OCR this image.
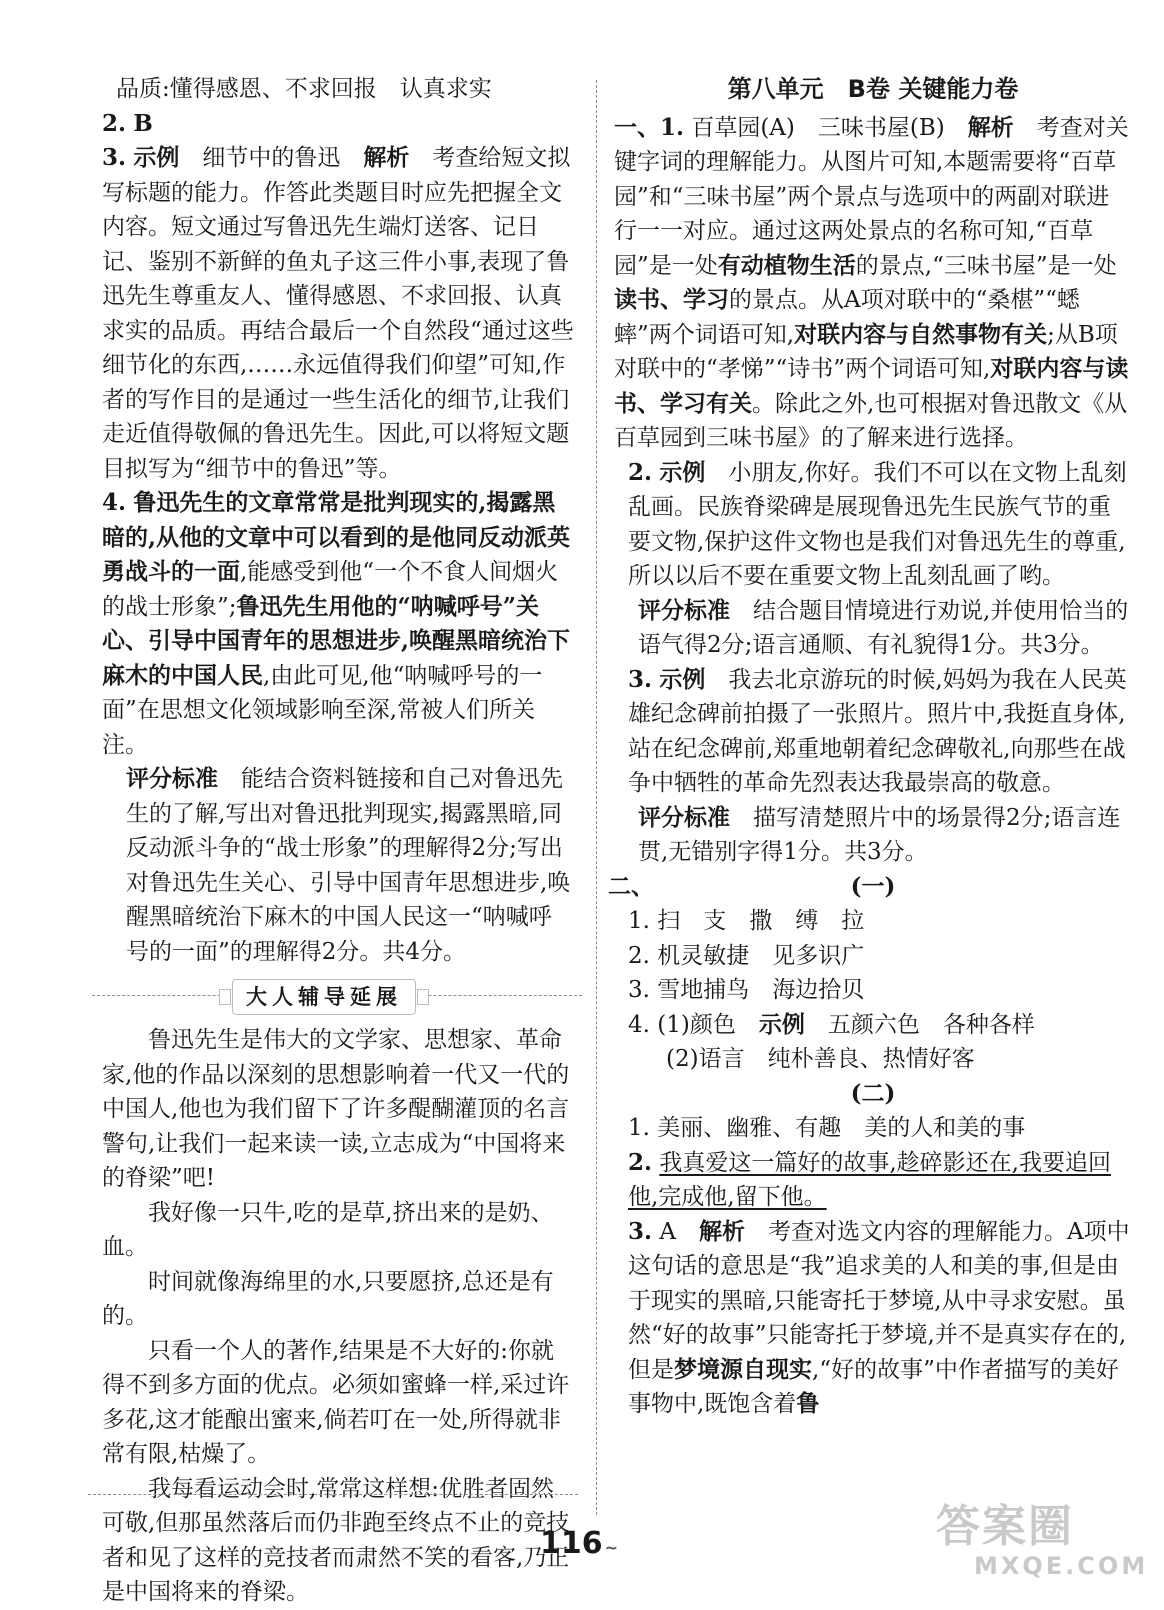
品质:懂得感恩、不求回报　认真求实

2. B

3. 示例　 细节中的鲁迅　 解析　 考查给短文拟写标题的能力。作答此类题目时应先把握全文内容。短文通过写鲁迅先生端灯送客、记日记、鉴别不新鲜的鱼丸子这三件小事,表现了鲁迅先生尊重友人、懂得感恩、不求回报、认真求实的品质。再结合最后一个自然段“通过这些细节化的东西,……永远值得我们仰望”可知,作者的写作目的是通过一些生活化的细节,让我们走近值得敬佩的鲁迅先生。因此,可以将短文题目拟写为“细节中的鲁迅”等。

4. 鲁迅先生的文章常常是批判现实的,揭露黑暗的,从他的文章中可以看到的是他同反动派英勇战斗的一面,能感受到他“一个不食人间烟火的战士形象”;鲁迅先生用他的“呐喊呼号”关心、引导中国青年的思想进步,唤醒黑暗统治下麻木的中国人民,由此可见,他“呐喊呼号的一面”在思想文化领域影响至深,常被人们所关注。

评分标准　 能结合资料链接和自己对鲁迅先生的了解,写出对鲁迅批判现实,揭露黑暗,同反动派斗争的“战士形象”的理解得2分;写出对鲁迅先生关心、引导中国青年思想进步,唤醒黑暗统治下麻木的中国人民这一“呐喊呼号的一面”的理解得2分。共4分。

大人辅导延展

鲁迅先生是伟大的文学家、思想家、革命家,他的作品以深刻的思想影响着一代又一代的中国人,他也为我们留下了许多醍醐灌顶的名言警句,让我们一起来读一读,立志成为“中国将来的脊梁”吧!

我好像一只牛,吃的是草,挤出来的是奶、血。

时间就像海绵里的水,只要愿挤,总还是有的。

只看一个人的著作,结果是不大好的:你就得不到多方面的优点。必须如蜜蜂一样,采过许多花,这才能酿出蜜来,倘若叮在一处,所得就非常有限,枯燥了。

我每看运动会时,常常这样想:优胜者固然可敬,但那虽然落后而仍非跑至终点不止的竞技者和见了这样的竞技者而肃然不笑的看客,乃正是中国将来的脊梁。

第八单元　B卷 关键能力卷

一、1. 百草园(A)　三味书屋(B)　 解析　 考查对关键字词的理解能力。从图片可知,本题需要将“百草园”和“三味书屋”两个景点与选项中的两副对联进行一一对应。通过这两处景点的名称可知,“百草园”是一处有动植物生活的景点,“三味书屋”是一处读书、学习的景点。从A项对联中的“桑椹”“蟋蟀”两个词语可知,对联内容与自然事物有关;从B项对联中的“孝悌”“诗书”两个词语可知,对联内容与读书、学习有关。除此之外,也可根据对鲁迅散文《从百草园到三味书屋》的了解来进行选择。

2. 示例　 小朋友,你好。我们不可以在文物上乱刻乱画。民族脊梁碑是展现鲁迅先生民族气节的重要文物,保护这件文物也是我们对鲁迅先生的尊重,所以以后不要在重要文物上乱刻乱画了哟。

评分标准　 结合题目情境进行劝说,并使用恰当的语气得2分;语言通顺、有礼貌得1分。共3分。

3. 示例　 我去北京游玩的时候,妈妈为我在人民英雄纪念碑前拍摄了一张照片。照片中,我挺直身体,站在纪念碑前,郑重地朝着纪念碑敬礼,向那些在战争中牺牲的革命先烈表达我最崇高的敬意。

评分标准　 描写清楚照片中的场景得2分;语言连贯,无错别字得1分。共3分。

二、	(一)

1. 扫　支　撒　缚　拉

2. 机灵敏捷　见多识广

3. 雪地捕鸟　海边拾贝

4. (1)颜色　示例　五颜六色　各种各样

(2)语言　纯朴善良、热情好客

(二)

1. 美丽、幽雅、有趣　美的人和美的事

2. 我真爱这一篇好的故事,趁碎影还在,我要追回他,完成他,留下他。

3. A　 解析　 考查对选文内容的理解能力。A项中这句话的意思是“我”追求美的人和美的事,但是由于现实的黑暗,只能寄托于梦境,从中寻求安慰。虽然“好的故事”只能寄托于梦境,并不是真实存在的,但是梦境源自现实,“好的故事”中作者描写的美好事物中,既饱含着鲁

116 ~	答案圈
MXQE.COM
